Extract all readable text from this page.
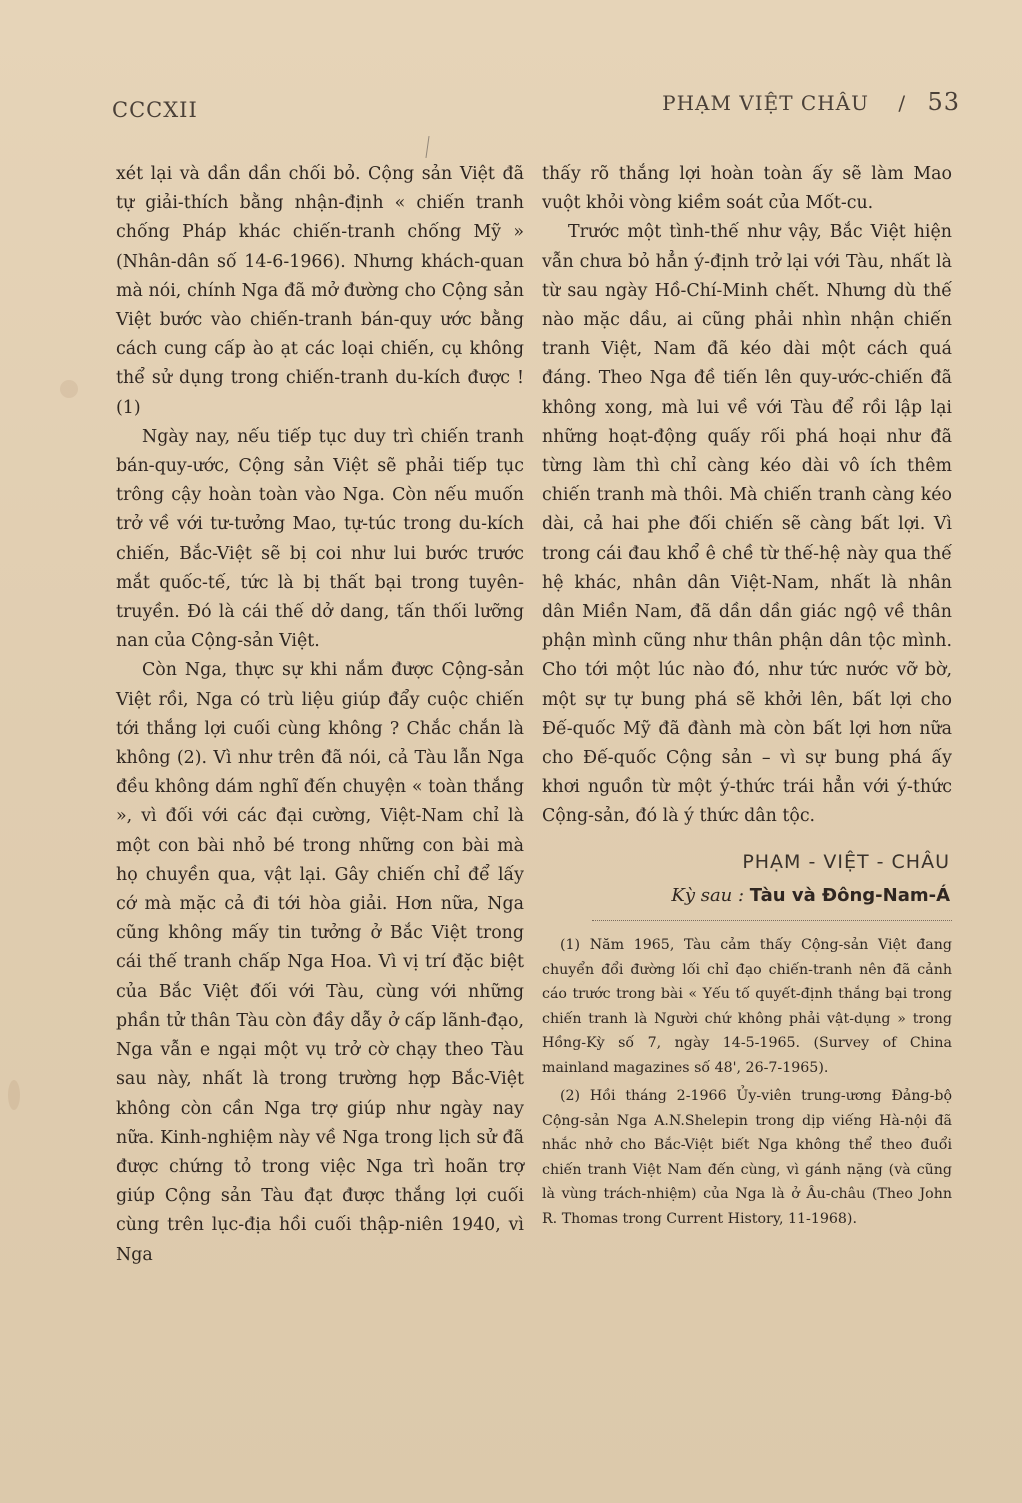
CCCXII	PHẠM VIỆT CHÂU / 53

xét lại và dần dần chối bỏ. Cộng sản Việt đã tự giải-thích bằng nhận-định « chiến tranh chống Pháp khác chiến-tranh chống Mỹ » (Nhân-dân số 14-6-1966). Nhưng khách-quan mà nói, chính Nga đã mở đường cho Cộng sản Việt bước vào chiến-tranh bán-quy ước bằng cách cung cấp ào ạt các loại chiến, cụ không thể sử dụng trong chiến-tranh du-kích được ! (1)

Ngày nay, nếu tiếp tục duy trì chiến tranh bán-quy-ước, Cộng sản Việt sẽ phải tiếp tục trông cậy hoàn toàn vào Nga. Còn nếu muốn trở về với tư-tưởng Mao, tự-túc trong du-kích chiến, Bắc-Việt sẽ bị coi như lui bước trước mắt quốc-tế, tức là bị thất bại trong tuyên-truyền. Đó là cái thế dở dang, tấn thối lưỡng nan của Cộng-sản Việt.

Còn Nga, thực sự khi nắm được Cộng-sản Việt rồi, Nga có trù liệu giúp đẩy cuộc chiến tới thắng lợi cuối cùng không ? Chắc chắn là không (2). Vì như trên đã nói, cả Tàu lẫn Nga đều không dám nghĩ đến chuyện « toàn thắng », vì đối với các đại cường, Việt-Nam chỉ là một con bài nhỏ bé trong những con bài mà họ chuyền qua, vật lại. Gây chiến chỉ để lấy cớ mà mặc cả đi tới hòa giải. Hơn nữa, Nga cũng không mấy tin tưởng ở Bắc Việt trong cái thế tranh chấp Nga Hoa. Vì vị trí đặc biệt của Bắc Việt đối với Tàu, cùng với những phần tử thân Tàu còn đầy dẫy ở cấp lãnh-đạo, Nga vẫn e ngại một vụ trở cờ chạy theo Tàu sau này, nhất là trong trường hợp Bắc-Việt không còn cần Nga trợ giúp như ngày nay nữa. Kinh-nghiệm này về Nga trong lịch sử đã được chứng tỏ trong việc Nga trì hoãn trợ giúp Cộng sản Tàu đạt được thắng lợi cuối cùng trên lục-địa hồi cuối thập-niên 1940, vì Nga

thấy rõ thắng lợi hoàn toàn ấy sẽ làm Mao vuột khỏi vòng kiềm soát của Mốt-cu.

Trước một tình-thế như vậy, Bắc Việt hiện vẫn chưa bỏ hẳn ý-định trở lại với Tàu, nhất là từ sau ngày Hồ-Chí-Minh chết. Nhưng dù thế nào mặc dầu, ai cũng phải nhìn nhận chiến tranh Việt, Nam đã kéo dài một cách quá đáng. Theo Nga đề tiến lên quy-ước-chiến đã không xong, mà lui về với Tàu để rồi lập lại những hoạt-động quấy rối phá hoại như đã từng làm thì chỉ càng kéo dài vô ích thêm chiến tranh mà thôi. Mà chiến tranh càng kéo dài, cả hai phe đối chiến sẽ càng bất lợi. Vì trong cái đau khổ ê chề từ thế-hệ này qua thế hệ khác, nhân dân Việt-Nam, nhất là nhân dân Miền Nam, đã dần dần giác ngộ về thân phận mình cũng như thân phận dân tộc mình. Cho tới một lúc nào đó, như tức nước vỡ bờ, một sự tự bung phá sẽ khởi lên, bất lợi cho Đế-quốc Mỹ đã đành mà còn bất lợi hơn nữa cho Đế-quốc Cộng sản – vì sự bung phá ấy khơi nguồn từ một ý-thức trái hẳn với ý-thức Cộng-sản, đó là ý thức dân tộc.

PHẠM - VIỆT - CHÂU
Kỳ sau : Tàu và Đông-Nam-Á

(1) Năm 1965, Tàu cảm thấy Cộng-sản Việt đang chuyển đổi đường lối chỉ đạo chiến-tranh nên đã cảnh cáo trước trong bài « Yếu tố quyết-định thắng bại trong chiến tranh là Người chứ không phải vật-dụng » trong Hồng-Kỳ số 7, ngày 14-5-1965. (Survey of China mainland magazines số 48', 26-7-1965).

(2) Hồi tháng 2-1966 Ủy-viên trung-ương Đảng-bộ Cộng-sản Nga A.N.Shelepin trong dịp viếng Hà-nội đã nhắc nhở cho Bắc-Việt biết Nga không thể theo đuổi chiến tranh Việt Nam đến cùng, vì gánh nặng (và cũng là vùng trách-nhiệm) của Nga là ở Âu-châu (Theo John R. Thomas trong Current History, 11-1968).
